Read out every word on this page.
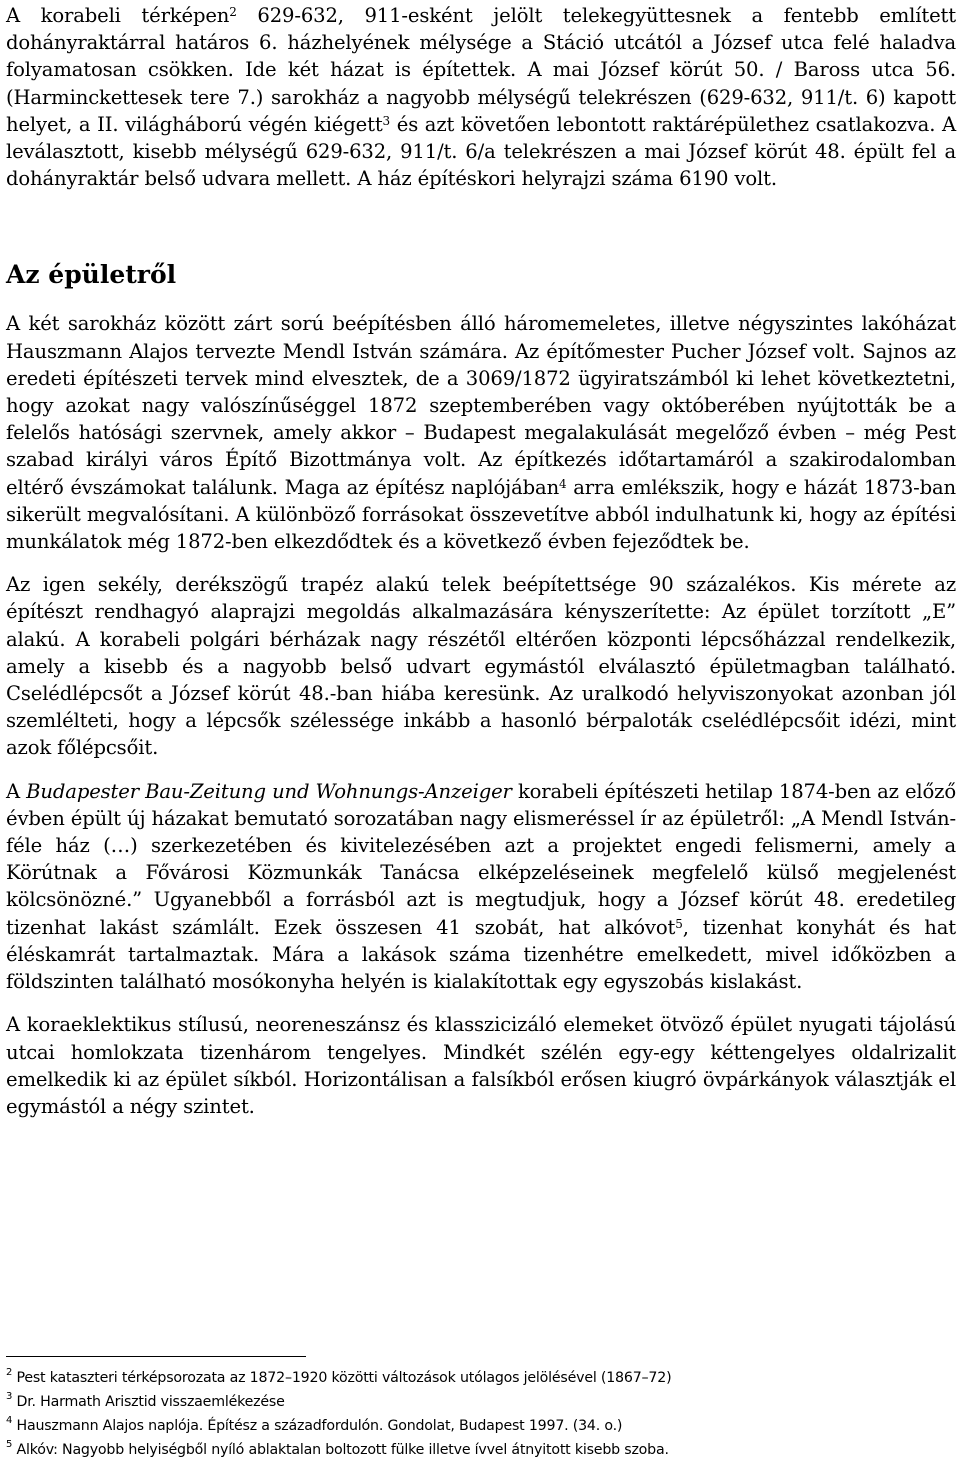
A korabeli térképen$^2$ 629-632, 911-esként jelölt telekegyüttesnek a fentebb említett dohányraktárral határos 6. házhelyének mélysége a Stáció utcától a József utca felé haladva folyamatosan csökken. Ide két házat is építettek. A mai József körút 50. / Baross utca 56. (Harminckettesek tere 7.) sarokház a nagyobb mélységű telekrészen (629-632, 911/t. 6) kapott helyet, a II. világháború végén kiégett$^3$ és azt követően lebontott raktárépülethez csatlakozva. A leválasztott, kisebb mélységű 629-632, 911/t. 6/a telekrészen a mai József körút 48. épült fel a dohányraktár belső udvara mellett. A ház építéskori helyrajzi száma 6190 volt.

Az épületről

A két sarokház között zárt sorú beépítésben álló háromemeletes, illetve négyszintes lakóházat Hauszmann Alajos tervezte Mendl István számára. Az építőmester Pucher József volt. Sajnos az eredeti építészeti tervek mind elvesztek, de a 3069/1872 ügyiratszámból ki lehet következtetni, hogy azokat nagy valószínűséggel 1872 szeptemberében vagy októberében nyújtották be a felelős hatósági szervnek, amely akkor – Budapest megalakulását megelőző évben – még Pest szabad királyi város Építő Bizottmánya volt. Az építkezés időtartamáról a szakirodalomban eltérő évszámokat találunk. Maga az építész naplójában$^4$ arra emlékszik, hogy e házát 1873-ban sikerült megvalósítani. A különböző forrásokat összevetítve abból indulhatunk ki, hogy az építési munkálatok még 1872-ben elkezdődtek és a következő évben fejeződtek be.

Az igen sekély, derékszögű trapéz alakú telek beépítettsége 90 százalékos. Kis mérete az építészt rendhagyó alaprajzi megoldás alkalmazására kényszerítette: Az épület torzított „E” alakú. A korabeli polgári bérházak nagy részétől eltérően központi lépcsőházzal rendelkezik, amely a kisebb és a nagyobb belső udvart egymástól elválasztó épületmagban található. Cselédlépcsőt a József körút 48.-ban hiába keresünk. Az uralkodó helyviszonyokat azonban jól szemlélteti, hogy a lépcsők szélessége inkább a hasonló bérpaloták cselédlépcsőit idézi, mint azok főlépcsőit.

A Budapester Bau-Zeitung und Wohnungs-Anzeiger korabeli építészeti hetilap 1874-ben az előző évben épült új házakat bemutató sorozatában nagy elismeréssel ír az épületről: „A Mendl István-féle ház (…) szerkezetében és kivitelezésében azt a projektet engedi felismerni, amely a Körútnak a Fővárosi Közmunkák Tanácsa elképzeléseinek megfelelő külső megjelenést kölcsönözné.” Ugyanebből a forrásból azt is megtudjuk, hogy a József körút 48. eredetileg tizenhat lakást számlált. Ezek összesen 41 szobát, hat alkóvot$^5$, tizenhat konyhát és hat éléskamrát tartalmaztak. Mára a lakások száma tizenhétre emelkedett, mivel időközben a földszinten található mosókonyha helyén is kialakítottak egy egyszobás kislakást.

A koraeklektikus stílusú, neoreneszánsz és klasszicizáló elemeket ötvöző épület nyugati tájolású utcai homlokzata tizenhárom tengelyes. Mindkét szélén egy-egy kéttengelyes oldalrizalit emelkedik ki az épület síkból. Horizontálisan a falsíkból erősen kiugró övpárkányok választják el egymástól a négy szintet.

$^2$ Pest kataszteri térképsorozata az 1872–1920 közötti változások utólagos jelölésével (1867–72)
$^3$ Dr. Harmath Arisztid visszaemlékezése
$^4$ Hauszmann Alajos naplója. Építész a századfordulón. Gondolat, Budapest 1997. (34. o.)
$^5$ Alkóv: Nagyobb helyiségből nyíló ablaktalan boltozott fülke illetve ívvel átnyitott kisebb szoba.
